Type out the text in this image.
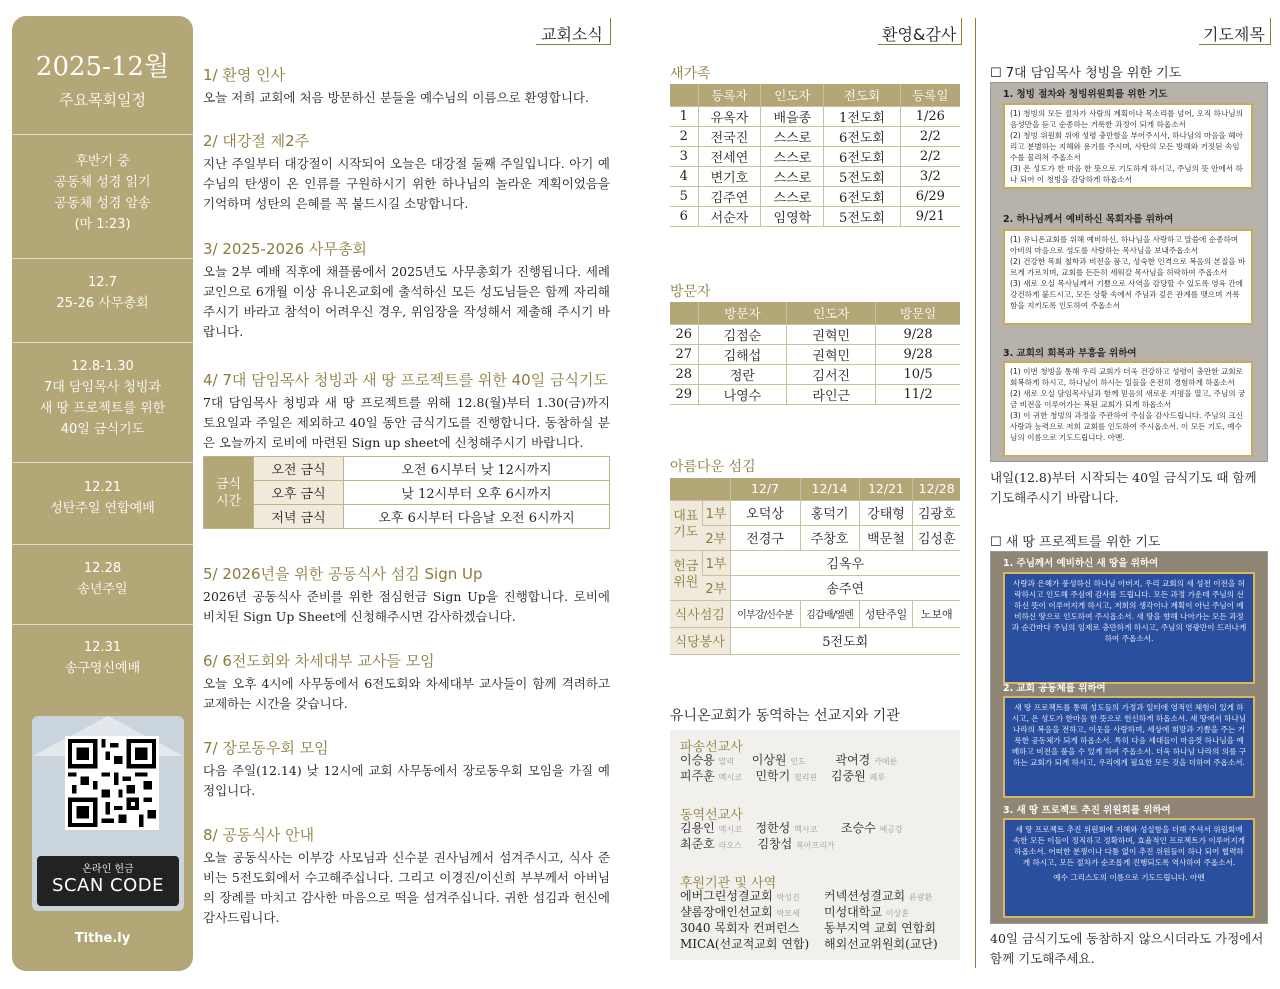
2025-12월
주요목회일정
후반기 중
공동체 성경 읽기
공동체 성경 암송
(마 1:23)
12.7
25-26 사무총회
12.8-1.30
7대 담임목사 청빙과
새 땅 프로젝트를 위한
40일 금식기도
12.21
성탄주일 연합예배
12.28
송년주일
12.31
송구영신예배
온라인 헌금
SCAN CODE
Tithe.ly
교회소식	환영&감사	기도제목
1/ 환영 인사
오늘 저희 교회에 처음 방문하신 분들을 예수님의 이름으로 환영합니다.
2/ 대강절 제2주
지난 주일부터 대강절이 시작되어 오늘은 대강절 둘째 주일입니다. 아기 예수님의 탄생이 온 인류를 구원하시기 위한 하나님의 놀라운 계획이었음을 기억하며 성탄의 은혜를 꼭 붙드시길 소망합니다.
3/ 2025-2026 사무총회
오늘 2부 예배 직후에 채플룸에서 2025년도 사무총회가 진행됩니다. 세례교인으로 6개월 이상 유니온교회에 출석하신 모든 성도님들은 함께 자리해주시기 바라고 참석이 어려우신 경우, 위임장을 작성해서 제출해 주시기 바랍니다.
4/ 7대 담임목사 청빙과 새 땅 프로젝트를 위한 40일 금식기도
7대 담임목사 청빙과 새 땅 프로젝트를 위해 12.8(월)부터 1.30(금)까지 토요일과 주일은 제외하고 40일 동안 금식기도를 진행합니다. 동참하실 분은 오늘까지 로비에 마련된 Sign up sheet에 신청해주시기 바랍니다.
금식
시간	오전 금식	오전 6시부터 낮 12시까지
	오후 금식	낮 12시부터 오후 6시까지
	저녁 금식	오후 6시부터 다음날 오전 6시까지
5/ 2026년을 위한 공동식사 섬김 Sign Up
2026년 공동식사 준비를 위한 점심헌금 Sign Up을 진행합니다. 로비에 비치된 Sign Up Sheet에 신청해주시면 감사하겠습니다.
6/ 6전도회와 차세대부 교사들 모임
오늘 오후 4시에 사무동에서 6전도회와 차세대부 교사들이 함께 격려하고 교제하는 시간을 갖습니다.
7/ 장로동우회 모임
다음 주일(12.14) 낮 12시에 교회 사무동에서 장로동우회 모임을 가질 예정입니다.
8/ 공동식사 안내
오늘 공동식사는 이부강 사모님과 신수분 권사님께서 섬겨주시고, 식사 준비는 5전도회에서 수고해주십니다. 그리고 이경진/이신희 부부께서 아버님의 장례를 마치고 감사한 마음으로 떡을 섬겨주십니다. 귀한 섬김과 헌신에 감사드립니다.
새가족
	등록자	인도자	전도회	등록일
1	유옥자	배을종	1전도회	1/26
2	전국진	스스로	6전도회	2/2
3	전세연	스스로	6전도회	2/2
4	변기호	스스로	5전도회	3/2
5	김주연	스스로	6전도회	6/29
6	서순자	임영학	5전도회	9/21
방문자
	방문자	인도자	방문일
26	김점순	권혁민	9/28
27	김해섭	권혁민	9/28
28	정란	김서진	10/5
29	나영수	라인근	11/2
아름다운 섬김
		12/7	12/14	12/21	12/28
대표
기도	1부	오덕상	홍덕기	강태형	김광호
	2부	전경구	주창호	백문철	김성훈
헌금
위원	1부	김옥우			
	2부	송주연			
식사섬김		이부강/신수분	김갑배/엘렌	성탄주일	노보애
식당봉사		5전도회			
유니온교회가 동역하는 선교지와 기관
파송선교사
이승용 말리 이상원 인도 곽여경 카메룬
피주훈 멕시코 민학기 필리핀 김중원 페루
동역선교사
김용인 멕시코 정한성 멕시코 조승수 예공강
최준호 라오스 김창섭 북아프리카
후원기관 및 사역
에버그린성결교회 박성진 커넥션성결교회 류광환
샬롬장애인선교회 박모세 미성대학교 이상훈
3040 목회자 컨퍼런스 동부지역 교회 연합회
MICA(선교적교회 연합) 해외선교위원회(교단)
☐ 7대 담임목사 청빙을 위한 기도
1. 청빙 절차와 청빙위원회를 위한 기도
(1) 청빙의 모든 절차가 사람의 계획이나 목소리를 넘어, 오직 하나님의 음성만을 듣고 순종하는 거룩한 과정이 되게 하옵소서
(2) 청빙 위원회 위에 성령 충만함을 부어주시사, 하나님의 마음을 헤아리고 분별하는 지혜와 용기를 주시며, 사탄의 모든 방해와 거짓된 속임수를 물리쳐 주옵소서
(3) 온 성도가 한 마음 한 뜻으로 기도하게 하시고, 주님의 뜻 안에서 하나 되어 이 청빙을 감당하게 하옵소서
2. 하나님께서 예비하신 목회자를 위하여
(1) 유니온교회를 위해 예비하신, 하나님을 사랑하고 말씀에 순종하며 아비의 마음으로 성도를 사랑하는 목사님을 보내주옵소서
(2) 건강한 목회 철학과 비전을 품고, 성숙한 인격으로 복음의 본질을 바르게 가르치며, 교회를 든든히 세워갈 목사님을 허락하여 주옵소서
(3) 새로 오실 목사님께서 기쁨으로 사역을 감당할 수 있도록 영육 간에 강건하게 붙드시고, 모든 상황 속에서 주님과 깊은 관계를 맺으며 거룩함을 지키도록 인도하여 주옵소서
3. 교회의 회복과 부흥을 위하여
(1) 이번 청빙을 통해 우리 교회가 더욱 건강하고 성령이 충만한 교회로 회복하게 하시고, 하나님이 하시는 일들을 온전히 경험하게 하옵소서
(2) 새로 오실 담임목사님과 함께 믿음의 새로운 지평을 열고, 주님의 궁금 비전을 이루어가는 복된 교회가 되게 하옵소서
(3) 이 귀한 청빙의 과정을 주관하여 주심을 감사드립니다. 주님의 크신 사랑과 능력으로 저희 교회를 인도하여 주시옵소서. 이 모든 기도, 예수님의 이름으로 기도드립니다. 아멘.
내일(12.8)부터 시작되는 40일 금식기도 때 함께 기도해주시기 바랍니다.
☐ 새 땅 프로젝트를 위한 기도
1. 주님께서 예비하신 새 땅을 위하여
사랑과 은혜가 풍성하신 하나님 아버지, 우리 교회의 새 성전 이전을 허락하시고 인도해 주심에 감사를 드립니다. 모든 과정 가운데 주님의 선하신 뜻이 이루어지게 하시고, 저희의 생각이나 계획이 아닌 주님이 예비하신 땅으로 인도하여 주시옵소서. 새 땅을 향해 나아가는 모든 과정과 순간마다 주님의 임재로 충만하게 하시고, 주님의 영광만이 드러나게 하여 주옵소서.
2. 교회 공동체를 위하여
새 땅 프로젝트를 통해 성도들의 가정과 일터에 영적인 체험이 있게 하시고, 온 성도가 한마음 한 뜻으로 헌신하게 하옵소서. 새 땅에서 하나님 나라의 복음을 전하고, 이웃을 사랑하며, 세상에 희망과 기쁨을 주는 거룩한 공동체가 되게 하옵소서. 특히 다음 세대들이 마음껏 하나님을 예배하고 비전을 품을 수 있게 하여 주옵소서. 더욱 하나님 나라의 의를 구하는 교회가 되게 하시고, 우리에게 필요한 모든 것을 더하여 주옵소서.
3. 새 땅 프로젝트 추진 위원회를 위하여
새 땅 프로젝트 추진 위원회에 지혜와 성실함을 더해 주셔서 위원회에 속한 모든 이들이 정직하고 정확하며, 효율적인 프로젝트가 이루어지게 하옵소서. 어떠한 분쟁이나 다툼 없이 추진 위원들이 하나 되어 협력하게 하시고, 모든 절차가 순조롭게 진행되도록 역사하여 주옵소서.
예수 그리스도의 이름으로 기도드립니다. 아멘
40일 금식기도에 동참하지 않으시더라도 가정에서 함께 기도해주세요.
